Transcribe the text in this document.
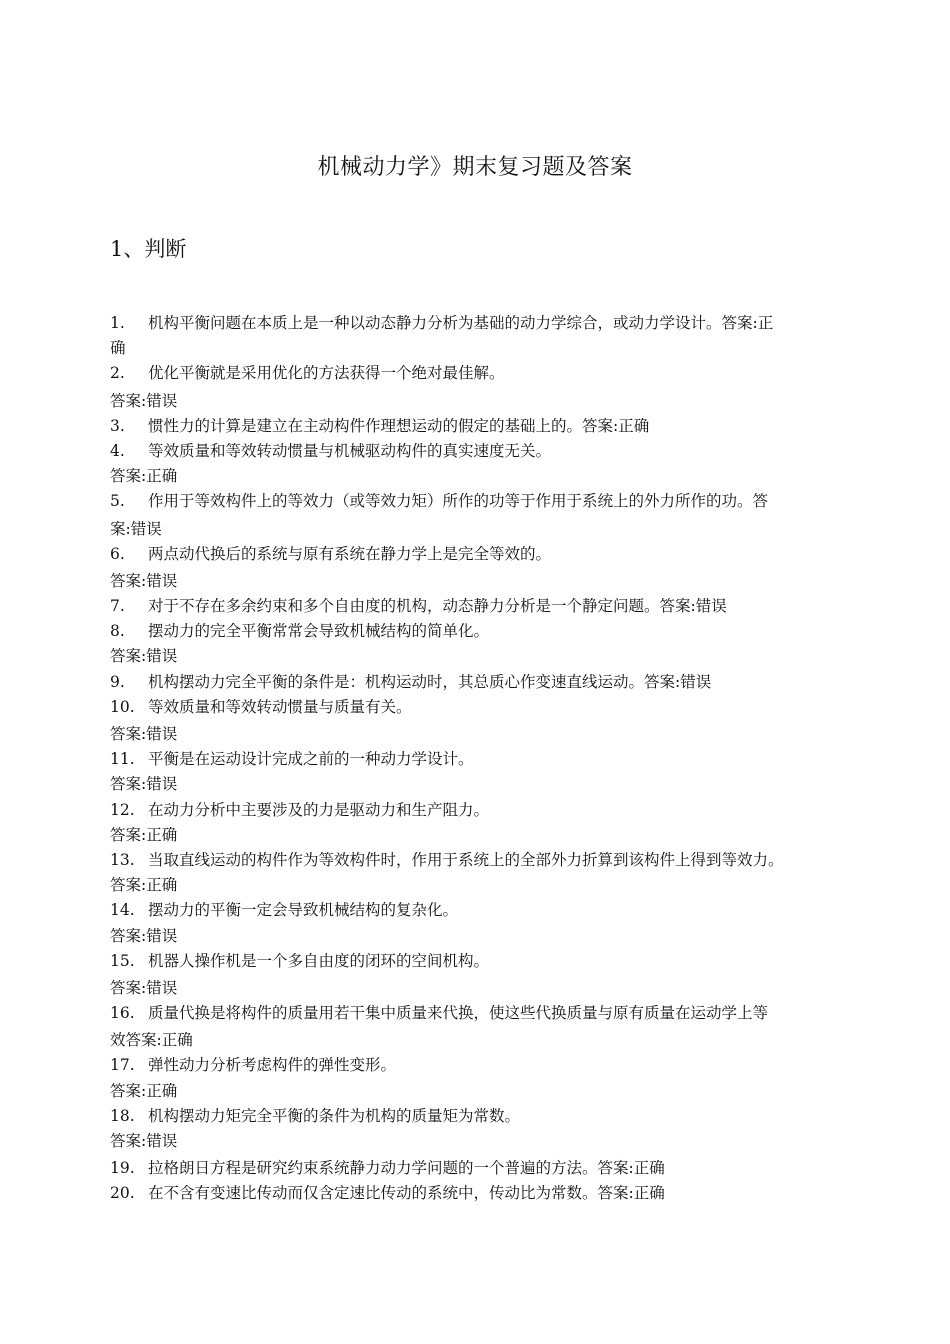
机械动力学》期末复习题及答案
1、判断
1. 机构平衡问题在本质上是一种以动态静力分析为基础的动力学综合，或动力学设计。答案:正
确
2. 优化平衡就是采用优化的方法获得一个绝对最佳解。
答案:错误
3. 惯性力的计算是建立在主动构件作理想运动的假定的基础上的。答案:正确
4. 等效质量和等效转动惯量与机械驱动构件的真实速度无关。
答案:正确
5. 作用于等效构件上的等效力（或等效力矩）所作的功等于作用于系统上的外力所作的功。答
案:错误
6. 两点动代换后的系统与原有系统在静力学上是完全等效的。
答案:错误
7. 对于不存在多余约束和多个自由度的机构，动态静力分析是一个静定问题。答案:错误
8. 摆动力的完全平衡常常会导致机械结构的简单化。
答案:错误
9. 机构摆动力完全平衡的条件是：机构运动时，其总质心作变速直线运动。答案:错误
10. 等效质量和等效转动惯量与质量有关。
答案:错误
11. 平衡是在运动设计完成之前的一种动力学设计。
答案:错误
12. 在动力分析中主要涉及的力是驱动力和生产阻力。
答案:正确
13. 当取直线运动的构件作为等效构件时，作用于系统上的全部外力折算到该构件上得到等效力。
答案:正确
14. 摆动力的平衡一定会导致机械结构的复杂化。
答案:错误
15. 机器人操作机是一个多自由度的闭环的空间机构。
答案:错误
16. 质量代换是将构件的质量用若干集中质量来代换，使这些代换质量与原有质量在运动学上等
效答案:正确
17. 弹性动力分析考虑构件的弹性变形。
答案:正确
18. 机构摆动力矩完全平衡的条件为机构的质量矩为常数。
答案:错误
19. 拉格朗日方程是研究约束系统静力动力学问题的一个普遍的方法。答案:正确
20. 在不含有变速比传动而仅含定速比传动的系统中，传动比为常数。答案:正确
